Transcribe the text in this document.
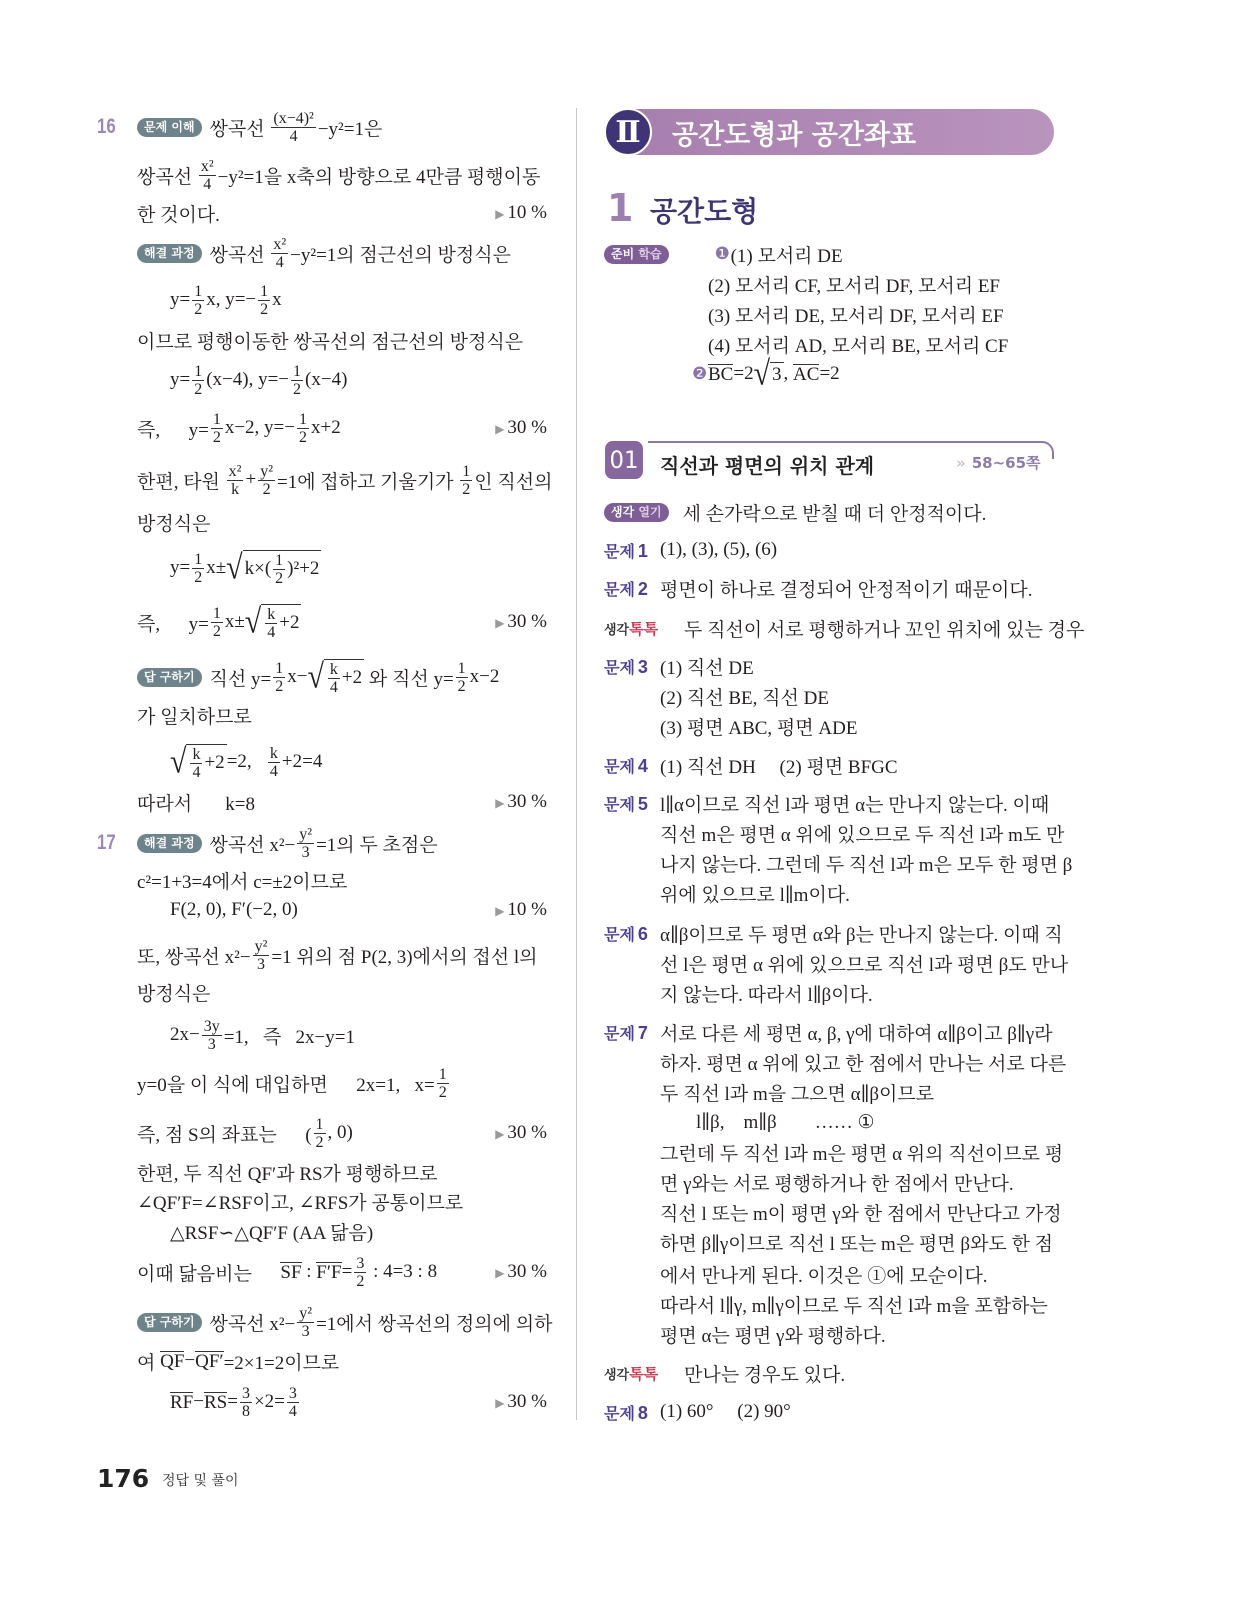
Ⅱ	공간도형과 공간좌표
1 공간도형
01 직선과 평면의 위치 관계	» 58~65쪽
16	문제 이해 쌍곡선 $\frac{\text{(x−4)²}}{4} -y^2=1$은
쌍곡선 $\frac{\text{x²}}{4} -y^2=1$을 x축의 방향으로 4만큼 평행이동
한 것이다.	▶ 10 %
해결 과정 쌍곡선 $\frac{\text{x²}}{4} -y^2=1$의 점근선의 방정식은
$y= \frac{1}{2} x$, $y=- \frac{1}{2}$ x
이므로 평행이동한 쌍곡선의 점근선의 방정식은
$y= \frac{1}{2} (x-4)$, $y=- \frac{1}{2} (x-4)$
즉,      $y= \frac{1}{2} x-2$, $y=- \frac{1}{2} x+2$	▶ 30 %
한편, 타원 $\frac{\text{x²}}{k} + \frac{\text{y²}}{2} =1$에 접하고 기울기가 $\frac{1}{2}$ 인 직선의
방정식은
$y= \frac{1}{2} x\pm$ √ $k\times( \frac{1}{2} )^2+2$
즉,      $y= \frac{1}{2} x\pm$ √ $\frac{k}{4} +2$	▶ 30 %
답 구하기 직선 $y= \frac{1}{2} x-$ √ $\frac{k}{4} +2$ 와 직선 $y= \frac{1}{2} x-2$
가 일치하므로
√ $\frac{k}{4} +2 =2$, $\frac{k}{4} +2=4$
따라서       k=8	▶ 30 %
17	해결 과정 쌍곡선 $x^2- \frac{\text{y²}}{3} =1$의 두 초점은
c²=1+3=4에서 c=±2이므로
F(2, 0), F′(−2, 0)	▶ 10 %
또, 쌍곡선 $x^2- \frac{\text{y²}}{3} =1$ 위의 점 P(2, 3)에서의 접선 l의
방정식은
$2x- \frac{3y}{3} =1$,   즉   2x−y=1
y=0을 이 식에 대입하면      2x=1,   $x= \frac{1}{2}$
즉, 점 S의 좌표는      ( $\frac{1}{2}$ , 0)	▶ 30 %
한편, 두 직선 QF′과 RS가 평행하므로
∠QF′F=∠RSF이고, ∠RFS가 공통이므로
△RSF∽△QF′F (AA 닮음)
이때 닮음비는 SF : $F'F = \frac{3}{2}$ : 4=3 : 8	▶ 30 %
답 구하기 쌍곡선 $x^2- \frac{\text{y²}}{3} =1$에서 쌍곡선의 정의에 의하
여 QF − QF′ =2×1=2이므로
RF − RS = $\frac{3}{8} \times 2= \frac{3}{4}$	▶ 30 %
준비 학습	❶ (1) 모서리 DE
(2) 모서리 CF, 모서리 DF, 모서리 EF
(3) 모서리 DE, 모서리 DF, 모서리 EF
(4) 모서리 AD, 모서리 BE, 모서리 CF
❷ BC =2 √ 3 , AC =2
생각 열기	세 손가락으로 받칠 때 더 안정적이다.
문제 1 (1), (3), (5), (6)
문제 2 평면이 하나로 결정되어 안정적이기 때문이다.
생각톡톡	두 직선이 서로 평행하거나 꼬인 위치에 있는 경우
문제 3 (1) 직선 DE
(2) 직선 BE, 직선 DE
(3) 평면 ABC, 평면 ADE
문제 4 (1) 직선 DH     (2) 평면 BFGC
문제 5 l∥α이므로 직선 l과 평면 α는 만나지 않는다. 이때
직선 m은 평면 α 위에 있으므로 두 직선 l과 m도 만
나지 않는다. 그런데 두 직선 l과 m은 모두 한 평면 β
위에 있으므로 l∥m이다.
문제 6 α∥β이므로 두 평면 α와 β는 만나지 않는다. 이때 직
선 l은 평면 α 위에 있으므로 직선 l과 평면 β도 만나
지 않는다. 따라서 l∥β이다.
문제 7 서로 다른 세 평면 α, β, γ에 대하여 α∥β이고 β∥γ라
하자. 평면 α 위에 있고 한 점에서 만나는 서로 다른
두 직선 l과 m을 그으면 α∥β이므로
l∥β,    m∥β        …… ①
그런데 두 직선 l과 m은 평면 α 위의 직선이므로 평
면 γ와는 서로 평행하거나 한 점에서 만난다.
직선 l 또는 m이 평면 γ와 한 점에서 만난다고 가정
하면 β∥γ이므로 직선 l 또는 m은 평면 β와도 한 점
에서 만나게 된다. 이것은 ①에 모순이다.
따라서 l∥γ, m∥γ이므로 두 직선 l과 m을 포함하는
평면 α는 평면 γ와 평행하다.
생각톡톡	만나는 경우도 있다.
문제 8 (1) 60°     (2) 90°
176 정답 및 풀이
